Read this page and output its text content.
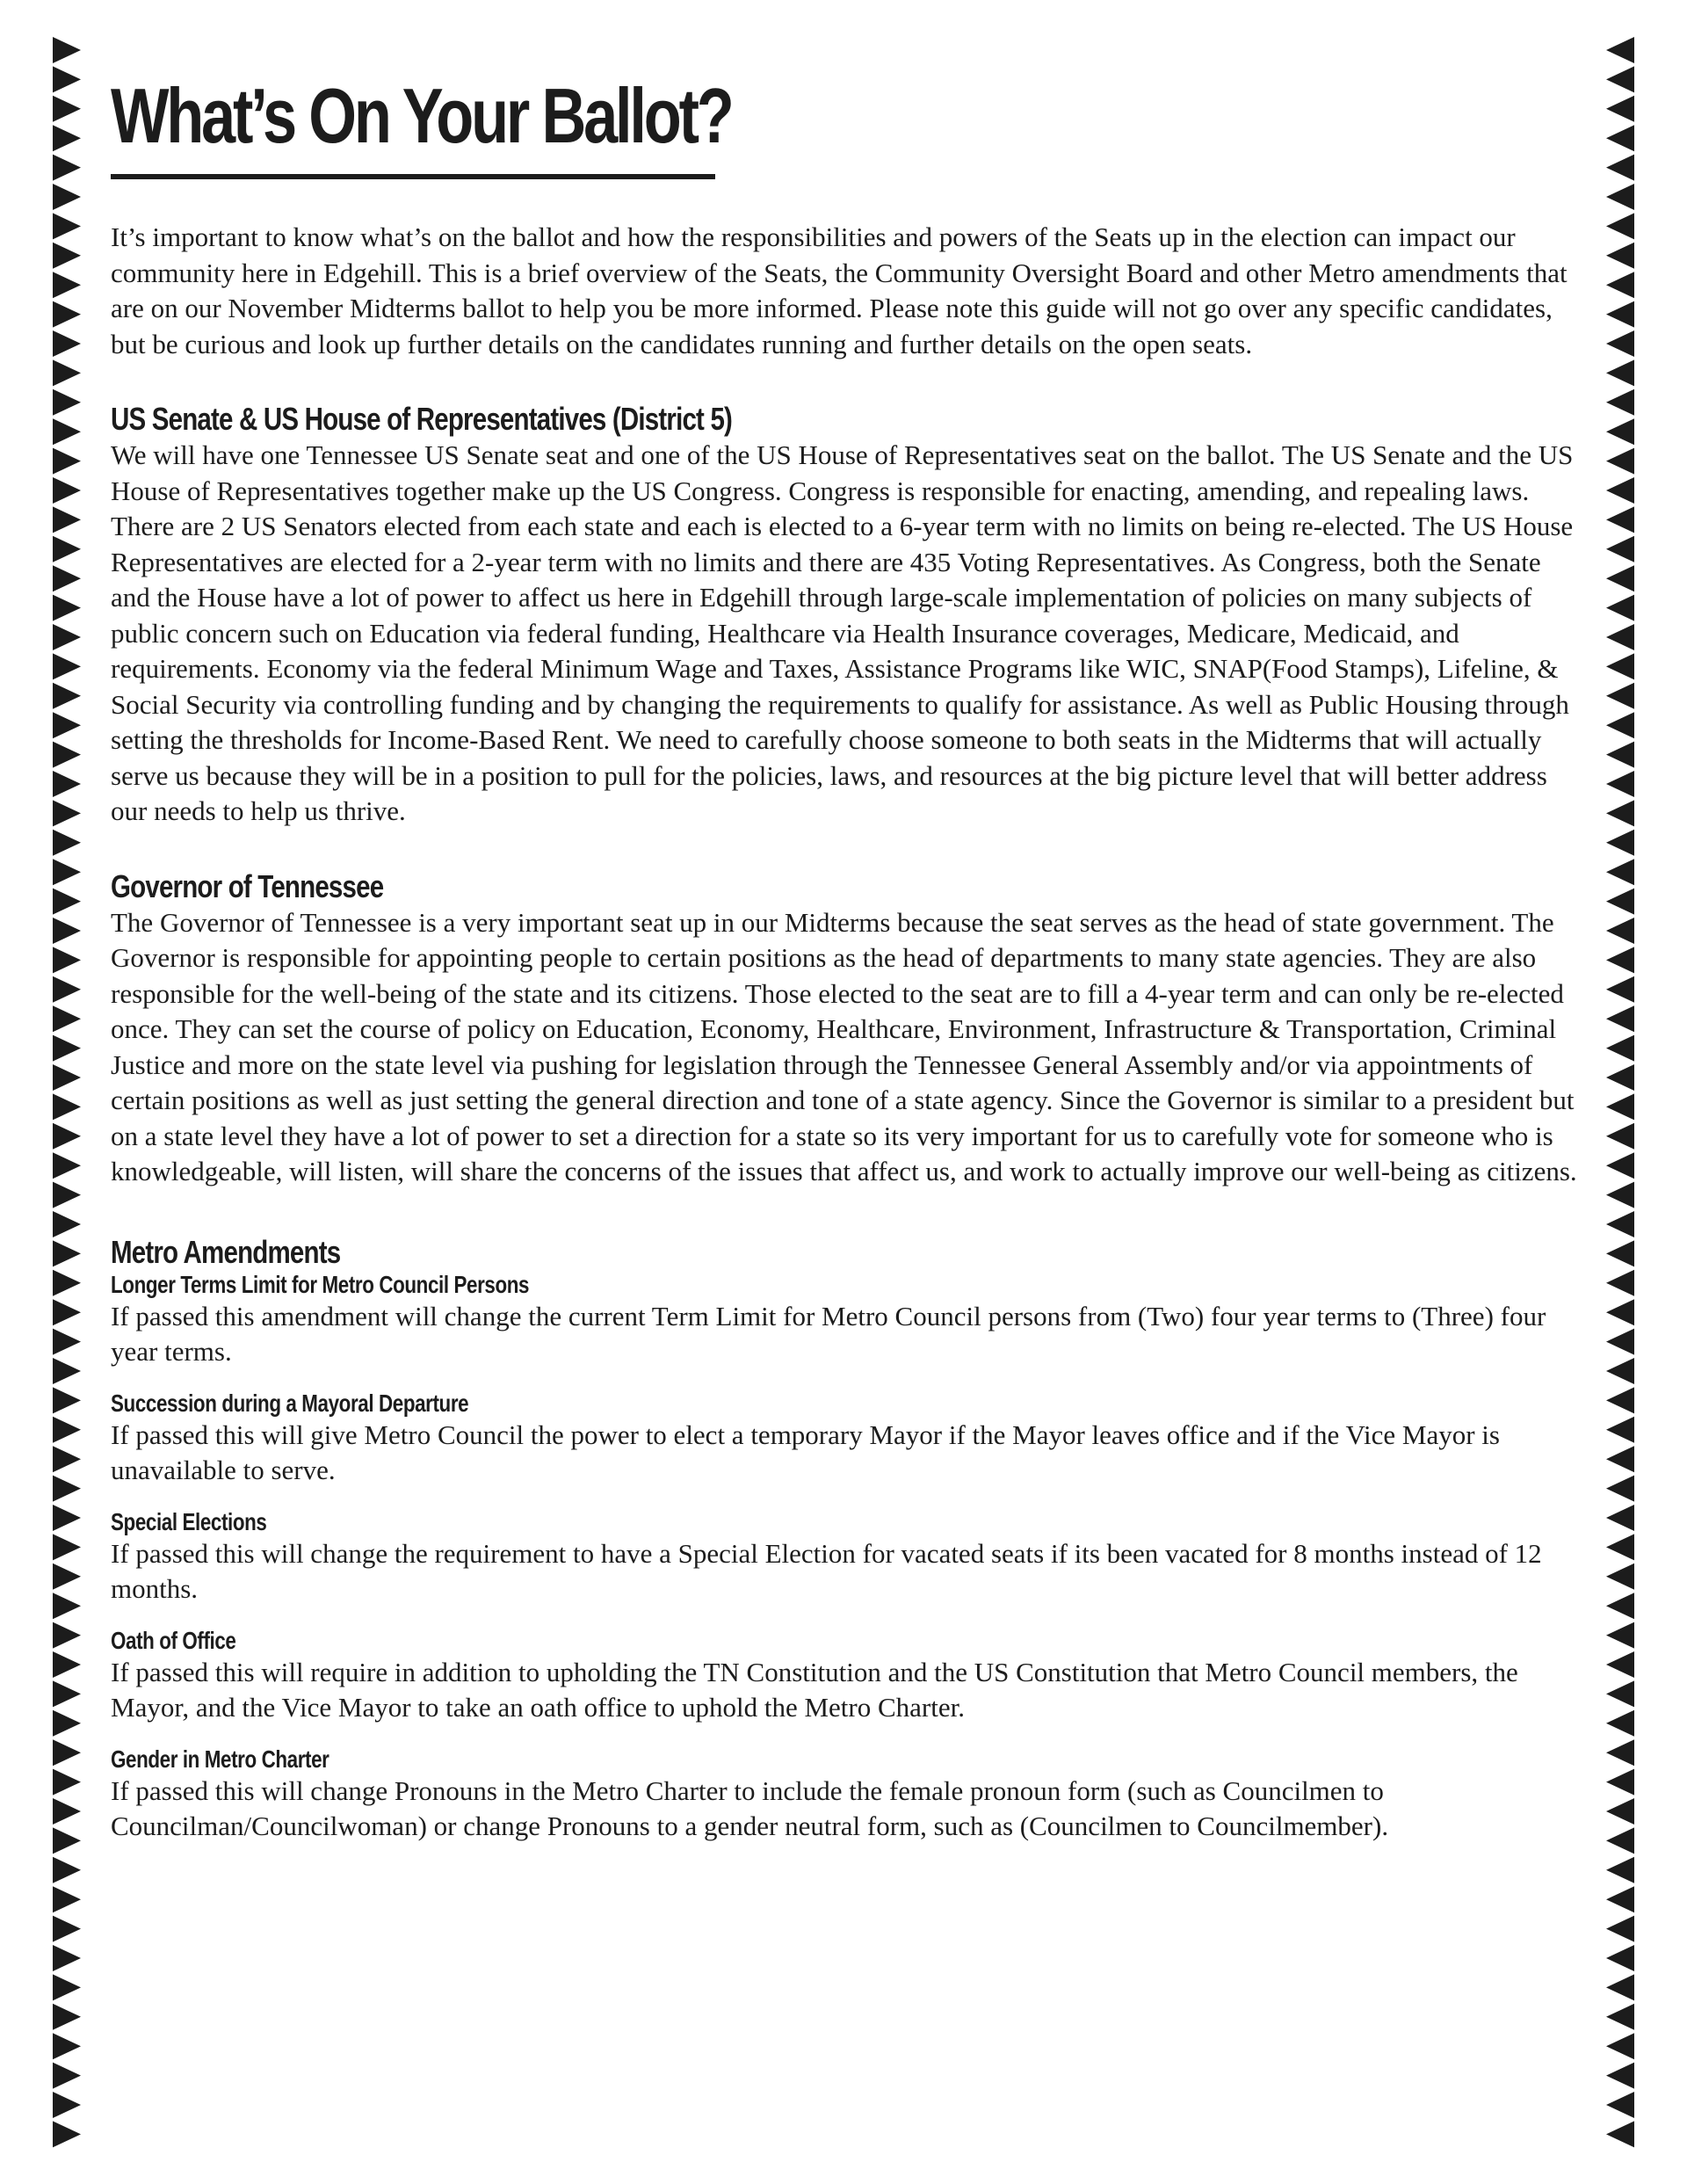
What’s On Your Ballot?

It’s important to know what’s on the ballot and how the responsibilities and powers of the Seats up in the election can impact our community here in Edgehill. This is a brief overview of the Seats, the Community Oversight Board and other Metro amendments that are on our November Midterms ballot to help you be more informed. Please note this guide will not go over any specific candidates, but be curious and look up further details on the candidates running and further details on the open seats.

US Senate & US House of Representatives (District 5)

We will have one Tennessee US Senate seat and one of the US House of Representatives seat on the ballot. The US Senate and the US House of Representatives together make up the US Congress. Congress is responsible for enacting, amending, and repealing laws. There are 2 US Senators elected from each state and each is elected to a 6-year term with no limits on being re-elected. The US House Representatives are elected for a 2-year term with no limits and there are 435 Voting Representatives. As Congress, both the Senate and the House have a lot of power to affect us here in Edgehill through large-scale implementation of policies on many subjects of public concern such on Education via federal funding, Healthcare via Health Insurance coverages, Medicare, Medicaid, and requirements. Economy via the federal Minimum Wage and Taxes, Assistance Programs like WIC, SNAP(Food Stamps), Lifeline, & Social Security via controlling funding and by changing the requirements to qualify for assistance. As well as Public Housing through setting the thresholds for Income-Based Rent. We need to carefully choose someone to both seats in the Midterms that will actually serve us because they will be in a position to pull for the policies, laws, and resources at the big picture level that will better address our needs to help us thrive.

Governor of Tennessee

The Governor of Tennessee is a very important seat up in our Midterms because the seat serves as the head of state government. The Governor is responsible for appointing people to certain positions as the head of departments to many state agencies. They are also responsible for the well-being of the state and its citizens. Those elected to the seat are to fill a 4-year term and can only be re-elected once. They can set the course of policy on Education, Economy, Healthcare, Environment, Infrastructure & Transportation, Criminal Justice and more on the state level via pushing for legislation through the Tennessee General Assembly and/or via appointments of certain positions as well as just setting the general direction and tone of a state agency. Since the Governor is similar to a president but on a state level they have a lot of power to set a direction for a state so its very important for us to carefully vote for someone who is knowledgeable, will listen, will share the concerns of the issues that affect us, and work to actually improve our well-being as citizens.

Metro Amendments
Longer Terms Limit for Metro Council Persons

If passed this amendment will change the current Term Limit for Metro Council persons from (Two) four year terms to (Three) four year terms.

Succession during a Mayoral Departure

If passed this will give Metro Council the power to elect a temporary Mayor if the Mayor leaves office and if the Vice Mayor is unavailable to serve.

Special Elections

If passed this will change the requirement to have a Special Election for vacated seats if its been vacated for 8 months instead of 12 months.

Oath of Office

If passed this will require in addition to upholding the TN Constitution and the US Constitution that Metro Council members, the Mayor, and the Vice Mayor to take an oath office to uphold the Metro Charter.

Gender in Metro Charter

If passed this will change Pronouns in the Metro Charter to include the female pronoun form (such as Councilmen to Councilman/Councilwoman) or change Pronouns to a gender neutral form, such as (Councilmen to Councilmember).
